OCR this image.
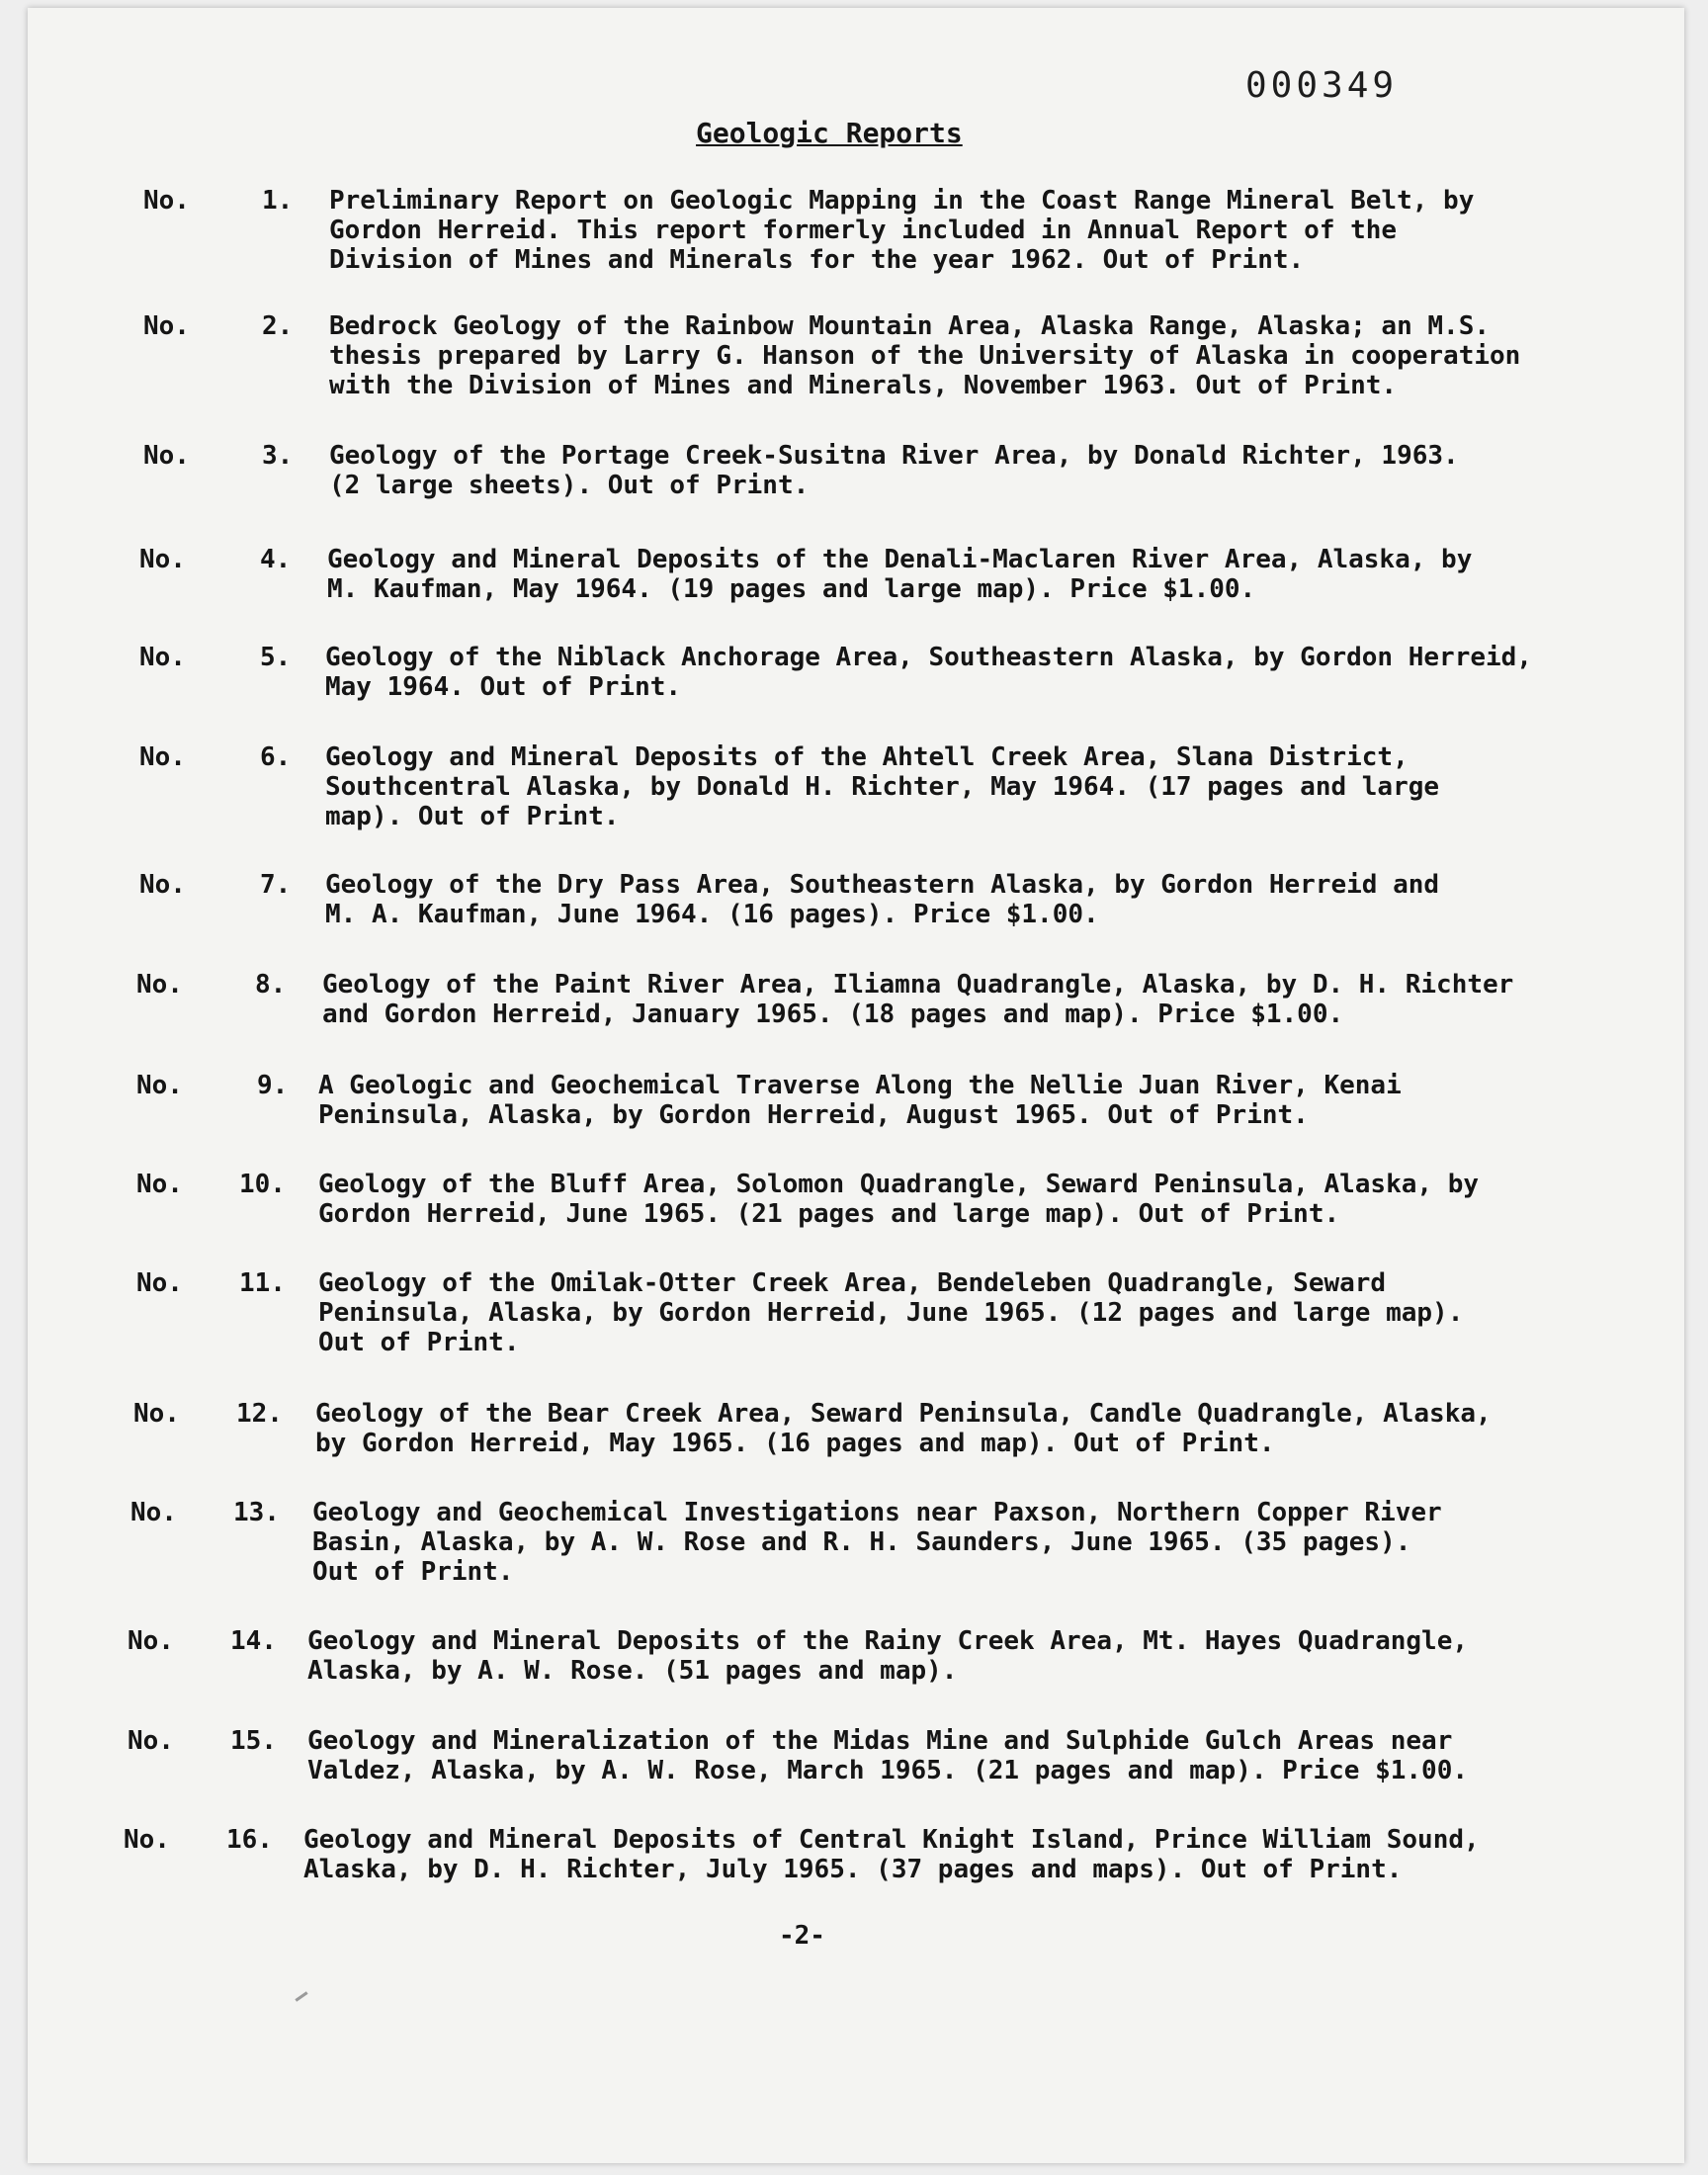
000349
Geologic Reports
No.	1. Preliminary Report on Geologic Mapping in the Coast Range Mineral Belt, by
Gordon Herreid. This report formerly included in Annual Report of the
Division of Mines and Minerals for the year 1962. Out of Print.
No.	2. Bedrock Geology of the Rainbow Mountain Area, Alaska Range, Alaska; an M.S.
thesis prepared by Larry G. Hanson of the University of Alaska in cooperation
with the Division of Mines and Minerals, November 1963. Out of Print.
No.	3. Geology of the Portage Creek-Susitna River Area, by Donald Richter, 1963.
(2 large sheets). Out of Print.
No.	4. Geology and Mineral Deposits of the Denali-Maclaren River Area, Alaska, by
M. Kaufman, May 1964. (19 pages and large map). Price $1.00.
No.	5. Geology of the Niblack Anchorage Area, Southeastern Alaska, by Gordon Herreid,
May 1964. Out of Print.
No.	6. Geology and Mineral Deposits of the Ahtell Creek Area, Slana District,
Southcentral Alaska, by Donald H. Richter, May 1964. (17 pages and large
map). Out of Print.
No.	7. Geology of the Dry Pass Area, Southeastern Alaska, by Gordon Herreid and
M. A. Kaufman, June 1964. (16 pages). Price $1.00.
No.	8. Geology of the Paint River Area, Iliamna Quadrangle, Alaska, by D. H. Richter
and Gordon Herreid, January 1965. (18 pages and map). Price $1.00.
No.	9. A Geologic and Geochemical Traverse Along the Nellie Juan River, Kenai
Peninsula, Alaska, by Gordon Herreid, August 1965. Out of Print.
No. 10. Geology of the Bluff Area, Solomon Quadrangle, Seward Peninsula, Alaska, by
Gordon Herreid, June 1965. (21 pages and large map). Out of Print.
No. 11. Geology of the Omilak-Otter Creek Area, Bendeleben Quadrangle, Seward
Peninsula, Alaska, by Gordon Herreid, June 1965. (12 pages and large map).
Out of Print.
No. 12. Geology of the Bear Creek Area, Seward Peninsula, Candle Quadrangle, Alaska,
by Gordon Herreid, May 1965. (16 pages and map). Out of Print.
No. 13. Geology and Geochemical Investigations near Paxson, Northern Copper River
Basin, Alaska, by A. W. Rose and R. H. Saunders, June 1965. (35 pages).
Out of Print.
No. 14. Geology and Mineral Deposits of the Rainy Creek Area, Mt. Hayes Quadrangle,
Alaska, by A. W. Rose. (51 pages and map).
No. 15. Geology and Mineralization of the Midas Mine and Sulphide Gulch Areas near
Valdez, Alaska, by A. W. Rose, March 1965. (21 pages and map). Price $1.00.
No. 16. Geology and Mineral Deposits of Central Knight Island, Prince William Sound,
Alaska, by D. H. Richter, July 1965. (37 pages and maps). Out of Print.
-2-
